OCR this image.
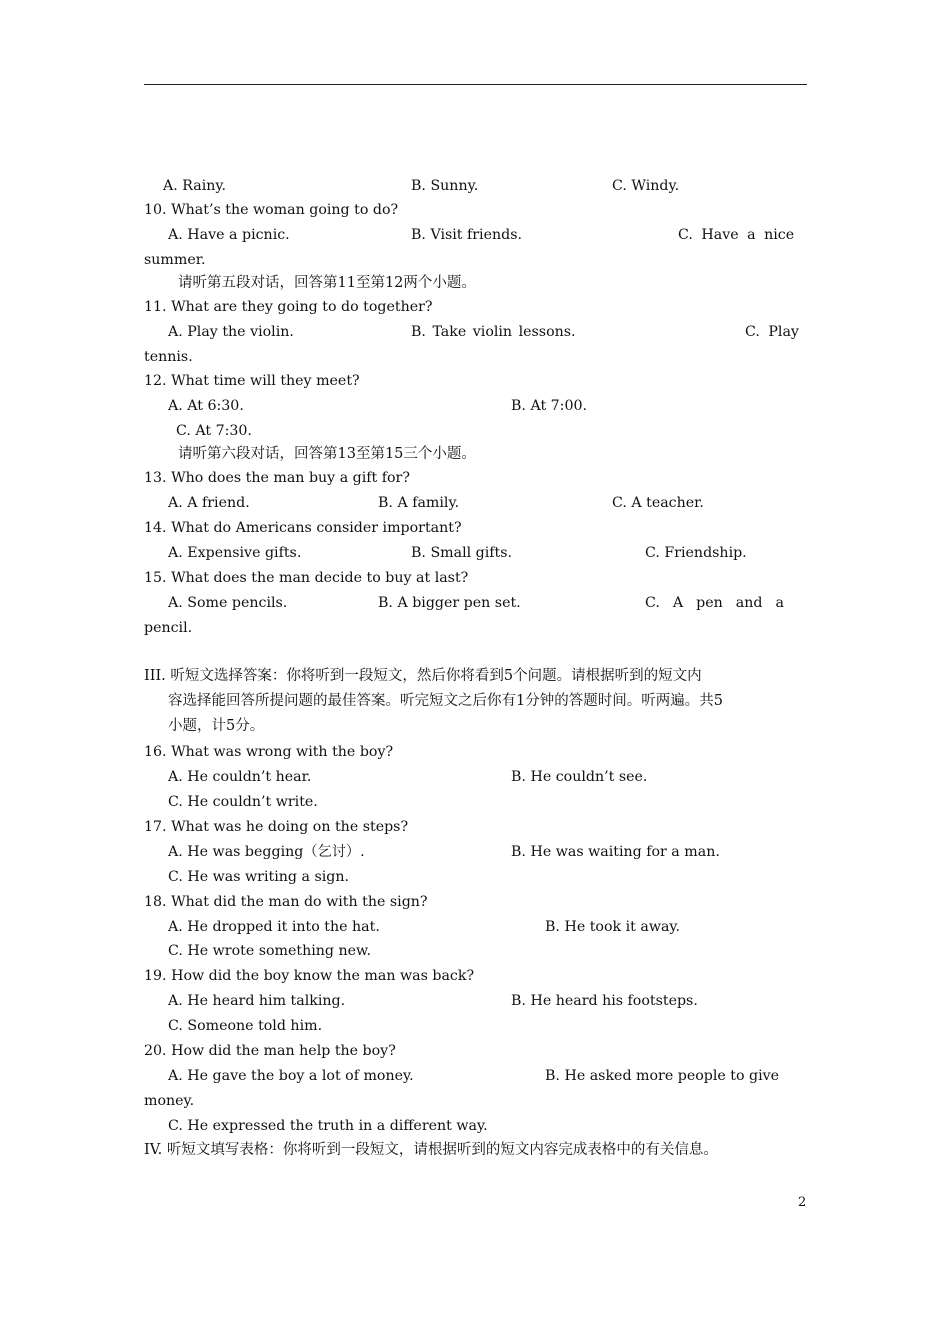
A. Rainy.	B. Sunny.	C. Windy.
10. What’s the woman going to do?
A. Have a picnic.	B. Visit friends.	C. Have a nice
summer.
请听第五段对话，回答第11至第12两个小题。
11. What are they going to do together?
A. Play the violin.	B. Take violin lessons.	C. Play
tennis.
12. What time will they meet?
A. At 6:30.	B. At 7:00.
C. At 7:30.
请听第六段对话，回答第13至第15三个小题。
13. Who does the man buy a gift for?
A. A friend.	B. A family.	C. A teacher.
14. What do Americans consider important?
A. Expensive gifts.	B. Small gifts.	C. Friendship.
15. What does the man decide to buy at last?
A. Some pencils.	B. A bigger pen set.	C.  A  pen  and  a
pencil.
III. 听短文选择答案：你将听到一段短文，然后你将看到5个问题。请根据听到的短文内
容选择能回答所提问题的最佳答案。听完短文之后你有1分钟的答题时间。听两遍。共5
小题，计5分。
16. What was wrong with the boy?
A. He couldn’t hear.	B. He couldn’t see.
C. He couldn’t write.
17. What was he doing on the steps?
A. He was begging（乞讨）.	B. He was waiting for a man.
C. He was writing a sign.
18. What did the man do with the sign?
A. He dropped it into the hat.	B. He took it away.
C. He wrote something new.
19. How did the boy know the man was back?
A. He heard him talking.	B. He heard his footsteps.
C. Someone told him.
20. How did the man help the boy?
A. He gave the boy a lot of money.	B. He asked more people to give
money.
C. He expressed the truth in a different way.
IV. 听短文填写表格：你将听到一段短文，请根据听到的短文内容完成表格中的有关信息。
2
